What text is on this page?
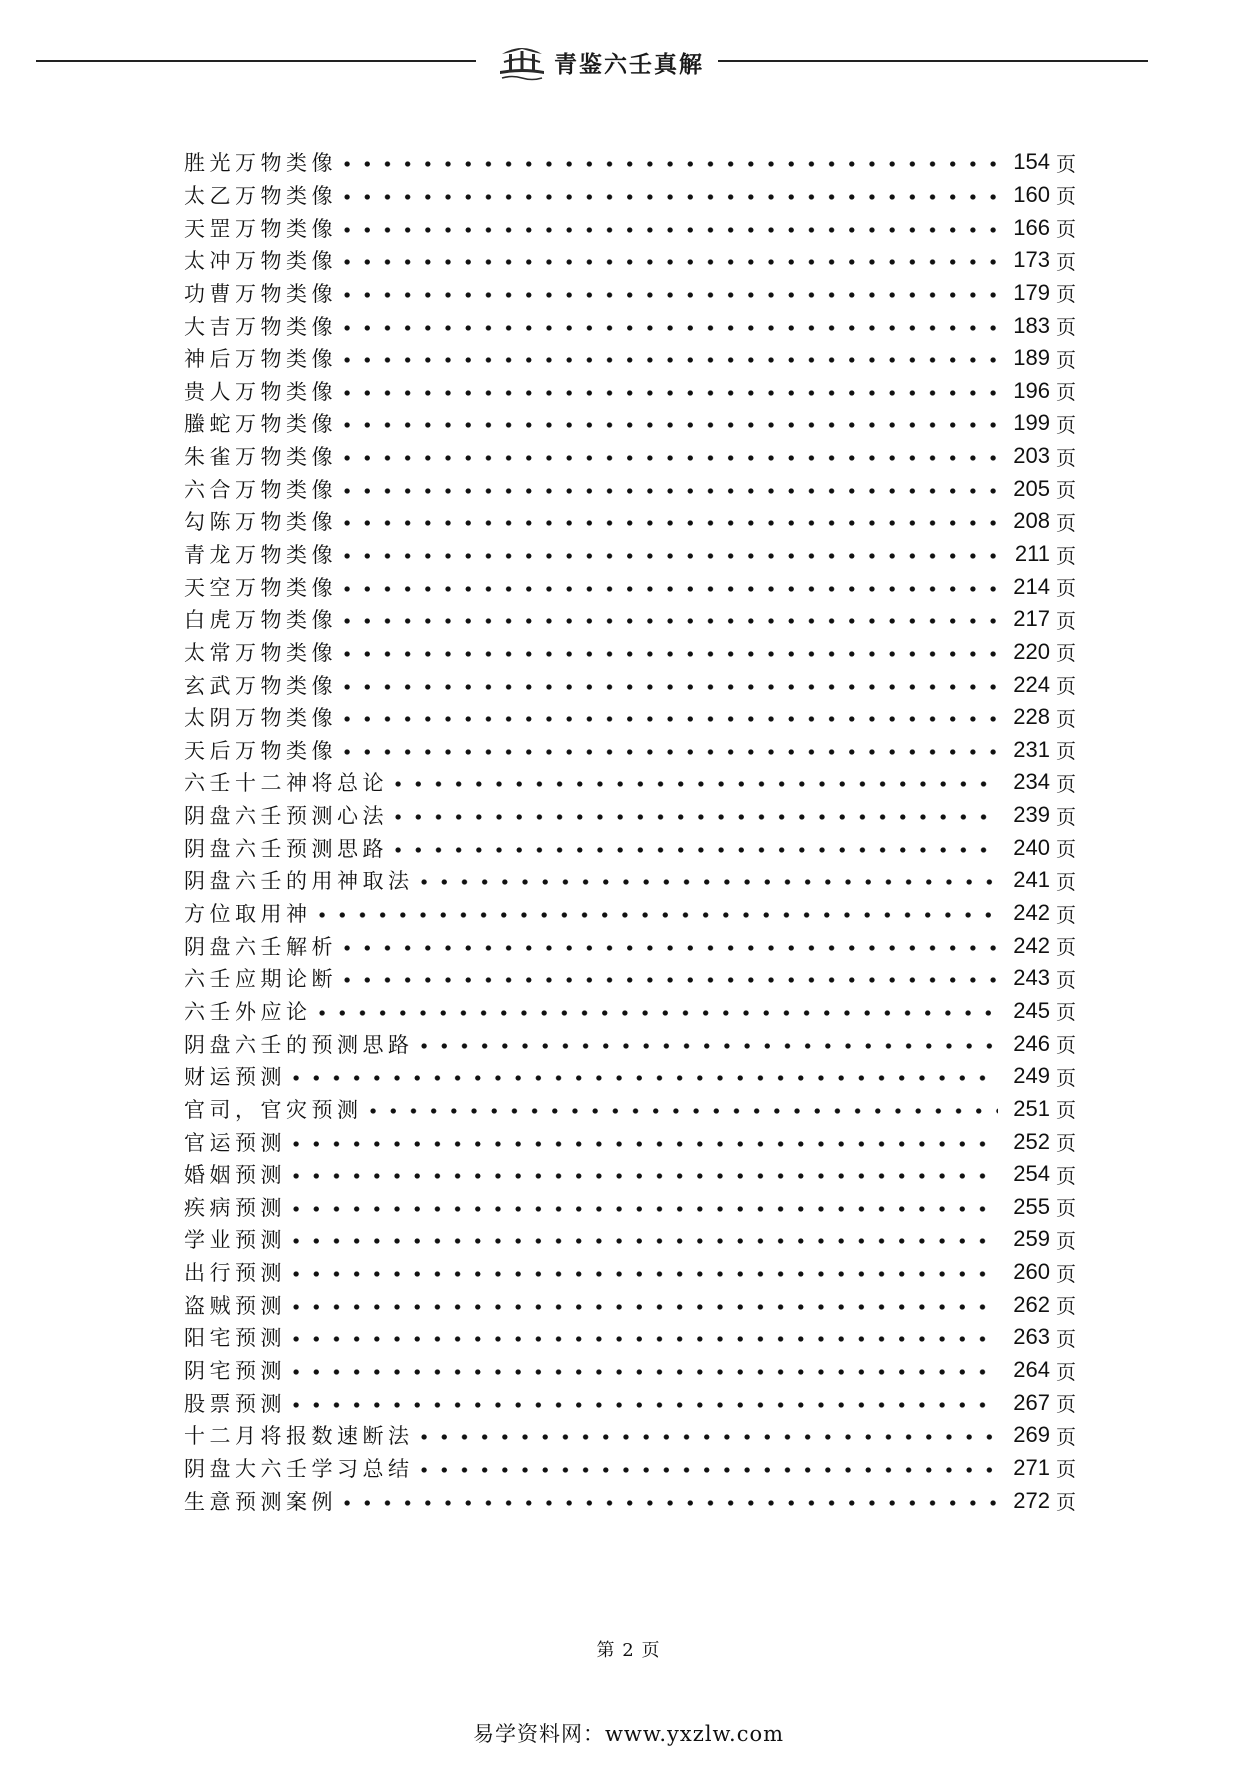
青鉴六壬真解
胜光万物类像	154 页
太乙万物类像	160 页
天罡万物类像	166 页
太冲万物类像	173 页
功曹万物类像	179 页
大吉万物类像	183 页
神后万物类像	189 页
贵人万物类像	196 页
螣蛇万物类像	199 页
朱雀万物类像	203 页
六合万物类像	205 页
勾陈万物类像	208 页
青龙万物类像	211 页
天空万物类像	214 页
白虎万物类像	217 页
太常万物类像	220 页
玄武万物类像	224 页
太阴万物类像	228 页
天后万物类像	231 页
六壬十二神将总论	234 页
阴盘六壬预测心法	239 页
阴盘六壬预测思路	240 页
阴盘六壬的用神取法	241 页
方位取用神	242 页
阴盘六壬解析	242 页
六壬应期论断	243 页
六壬外应论	245 页
阴盘六壬的预测思路	246 页
财运预测	249 页
官司，官灾预测	251 页
官运预测	252 页
婚姻预测	254 页
疾病预测	255 页
学业预测	259 页
出行预测	260 页
盗贼预测	262 页
阳宅预测	263 页
阴宅预测	264 页
股票预测	267 页
十二月将报数速断法	269 页
阴盘大六壬学习总结	271 页
生意预测案例	272 页
第 2 页
易学资料网：www.yxzlw.com
